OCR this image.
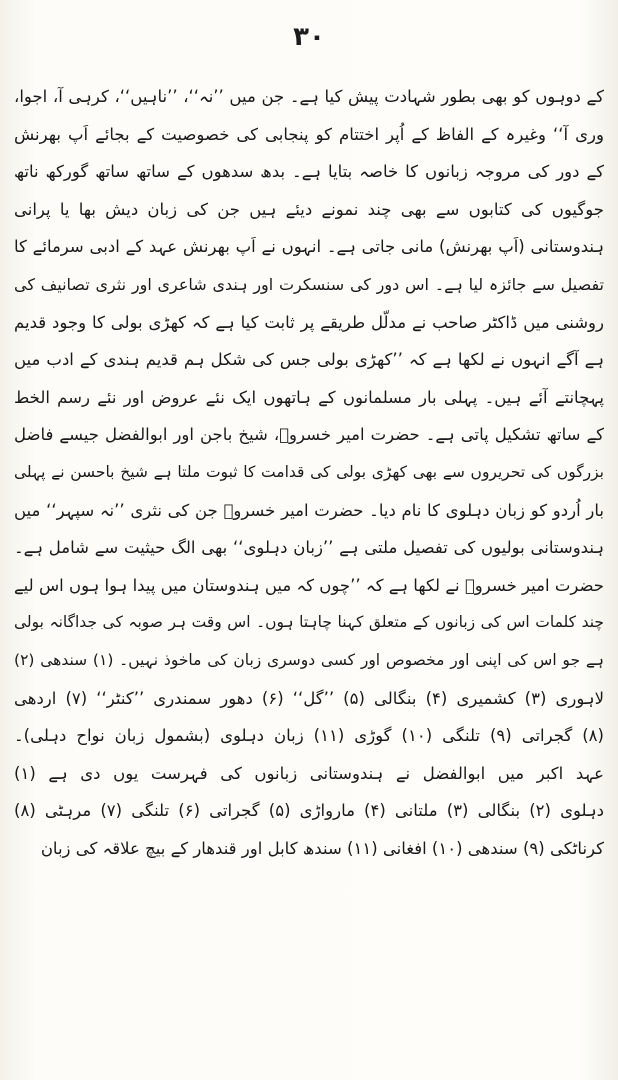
۳۰
کے دوہوں کو بھی بطور شہادت پیش کیا ہے۔ جن میں ’’نہ‘‘، ’’ناہیں‘‘، کرہی آ، اجوا،
وری آ‘‘ وغیرہ کے الفاظ کے اُپر اختتام کو پنجابی کی خصوصیت کے بجائے اَپ بھرنش
کے دور کی مروجہ زبانوں کا خاصہ بتایا ہے۔ بدھ سدھوں کے ساتھ ساتھ گورکھ ناتھ
جوگیوں کی کتابوں سے بھی چند نمونے دیئے ہیں جن کی زبان دیش بھا یا پرانی
ہندوستانی (اَپ بھرنش) مانی جاتی ہے۔ انہوں نے اَپ بھرنش عہد کے ادبی سرمائے کا
تفصیل سے جائزہ لیا ہے۔ اس دور کی سنسکرت اور ہندی شاعری اور نثری تصانیف کی
روشنی میں ڈاکٹر صاحب نے مدلّل طریقے پر ثابت کیا ہے کہ کھڑی بولی کا وجود قدیم
ہے آگے انہوں نے لکھا ہے کہ ’’کھڑی بولی جس کی شکل ہم قدیم ہندی کے ادب میں
پہچانتے آئے ہیں۔ پہلی بار مسلمانوں کے ہاتھوں ایک نئے عروض اور نئے رسم الخط
کے ساتھ تشکیل پاتی ہے۔ حضرت امیر خسروؒ، شیخ باجن اور ابوالفضل جیسے فاضل
بزرگوں کی تحریروں سے بھی کھڑی بولی کی قدامت کا ثبوت ملتا ہے شیخ باحسن نے پہلی
بار اُردو کو زبان دہلوی کا نام دیا۔ حضرت امیر خسروؒ جن کی نثری ’’نہ سپہر‘‘ میں
ہندوستانی بولیوں کی تفصیل ملتی ہے ’’زبان دہلوی‘‘ بھی الگ حیثیت سے شامل ہے۔
حضرت امیر خسروؒ نے لکھا ہے کہ ’’چوں کہ میں ہندوستان میں پیدا ہوا ہوں اس لیے
چند کلمات اس کی زبانوں کے متعلق کہنا چاہتا ہوں۔ اس وقت ہر صوبہ کی جداگانہ بولی
ہے جو اس کی اپنی اور مخصوص اور کسی دوسری زبان کی ماخوذ نہیں۔ (۱) سندھی (۲)
لاہوری (۳) کشمیری (۴) بنگالی (۵) ’’گل‘‘ (۶) دھور سمندری ’’کنٹر‘‘ (۷) اردھی
(۸) گجراتی (۹) تلنگی (۱۰) گوڑی (۱۱) زبان دہلوی (بشمول زبان نواح دہلی)۔
عہد اکبر میں ابوالفضل نے ہندوستانی زبانوں کی فہرست یوں دی ہے (۱)
دہلوی (۲) بنگالی (۳) ملتانی (۴) مارواڑی (۵) گجراتی (۶) تلنگی (۷) مرہٹی (۸)
کرناٹکی (۹) سندھی (۱۰) افغانی (۱۱) سندھ کابل اور قندھار کے بیچ علاقہ کی زبان
